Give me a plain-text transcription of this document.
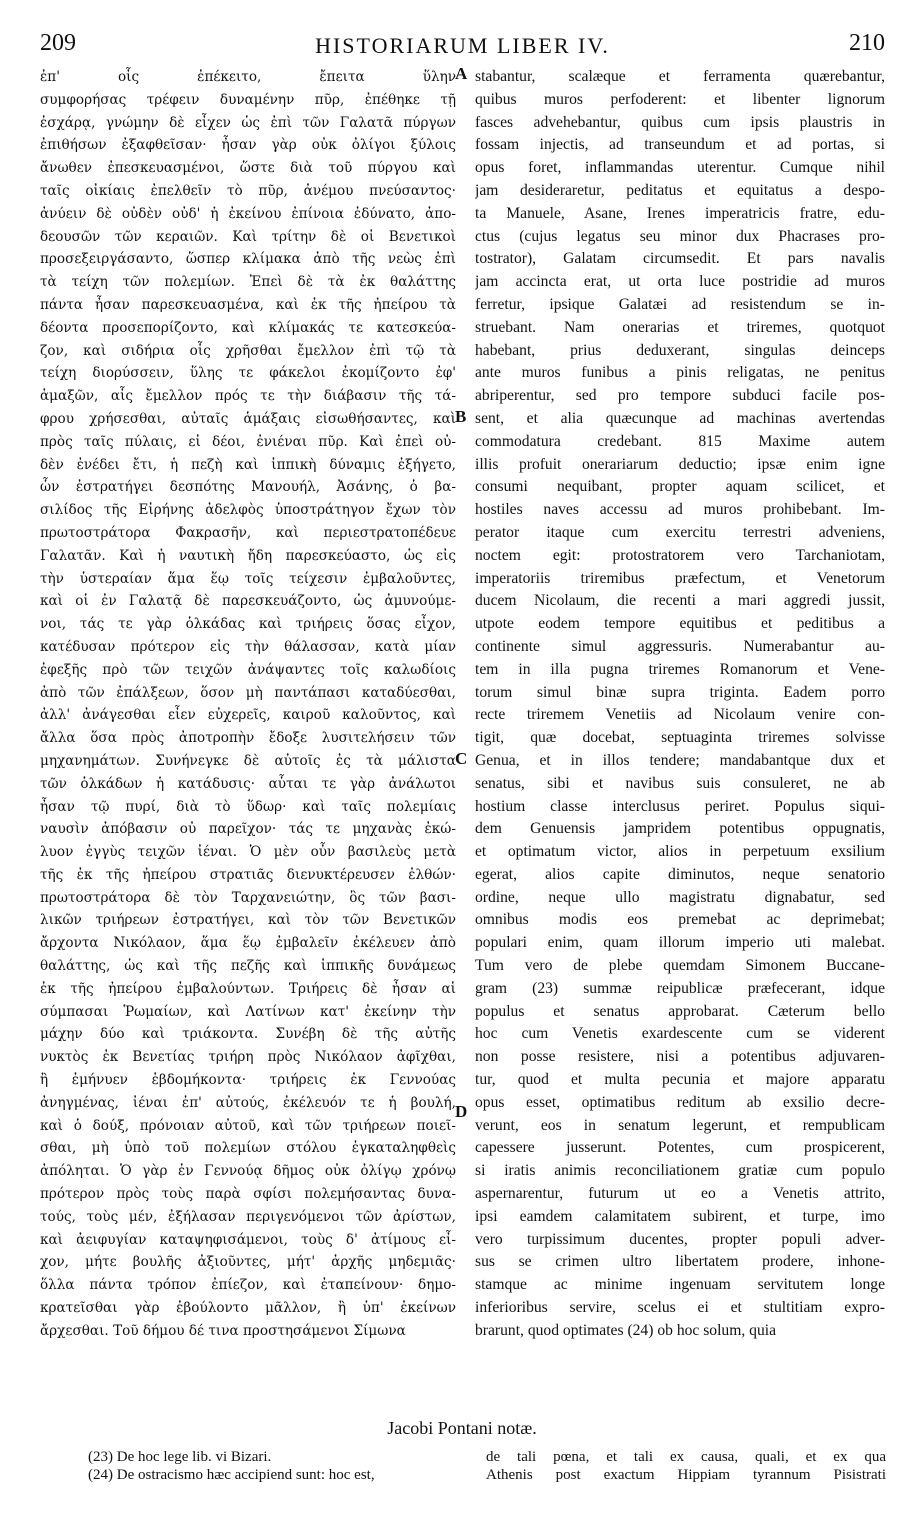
209	HISTORIARUM LIBER IV.	210
ἐπ' οἷς ἐπέκειτο, ἔπειτα ὕλην
συμφορήσας τρέφειν δυναμένην πῦρ, ἐπέθηκε τῇ
ἐσχάρᾳ, γνώμην δὲ εἶχεν ὡς ἐπὶ τῶν Γαλατᾶ πύργων
ἐπιθήσων ἐξαφθεῖσαν· ἦσαν γὰρ οὐκ ὀλίγοι ξύλοις
ἄνωθεν ἐπεσκευασμένοι, ὥστε διὰ τοῦ πύργου καὶ
ταῖς οἰκίαις ἐπελθεῖν τὸ πῦρ, ἀνέμου πνεύσαντος·
ἀνύειν δὲ οὐδὲν οὐδ' ἡ ἐκείνου ἐπίνοια ἐδύνατο, ἀπο-
δεουσῶν τῶν κεραιῶν. Καὶ τρίτην δὲ οἱ Βενετικοὶ
προσεξειργάσαντο, ὥσπερ κλίμακα ἀπὸ τῆς νεὼς ἐπὶ
τὰ τείχη τῶν πολεμίων. Ἐπεὶ δὲ τὰ ἐκ θαλάττης
πάντα ἦσαν παρεσκευασμένα, καὶ ἐκ τῆς ἠπείρου τὰ
δέοντα προσεπορίζοντο, καὶ κλίμακάς τε κατεσκεύα-
ζον, καὶ σιδήρια οἷς χρῆσθαι ἔμελλον ἐπὶ τῷ τὰ
τείχη διορύσσειν, ὕλης τε φάκελοι ἐκομίζοντο ἐφ'
ἁμαξῶν, αἷς ἔμελλον πρός τε τὴν διάβασιν τῆς τά-
φρου χρήσεσθαι, αὐταῖς ἁμάξαις εἰσωθήσαντες, καὶ
πρὸς ταῖς πύλαις, εἰ δέοι, ἐνιέναι πῦρ. Καὶ ἐπεὶ οὐ-
δὲν ἐνέδει ἔτι, ἡ πεζὴ καὶ ἱππικὴ δύναμις ἐξήγετο,
ὧν ἐστρατήγει δεσπότης Μανουήλ, Ἀσάνης, ὁ βα-
σιλίδος τῆς Εἰρήνης ἀδελφὸς ὑποστράτηγον ἔχων τὸν
πρωτοστράτορα Φακρασῆν, καὶ περιεστρατοπέδευε
Γαλατᾶν. Καὶ ἡ ναυτικὴ ἤδη παρεσκεύαστο, ὡς εἰς
τὴν ὑστεραίαν ἅμα ἕῳ τοῖς τείχεσιν ἐμβαλοῦντες,
καὶ οἱ ἐν Γαλατᾷ δὲ παρεσκευάζοντο, ὡς ἀμυνούμε-
νοι, τάς τε γὰρ ὁλκάδας καὶ τριήρεις ὅσας εἶχον,
κατέδυσαν πρότερον εἰς τὴν θάλασσαν, κατὰ μίαν
ἐφεξῆς πρὸ τῶν τειχῶν ἀνάψαντες τοῖς καλωδίοις
ἀπὸ τῶν ἐπάλξεων, ὅσον μὴ παντάπασι καταδύεσθαι,
ἀλλ' ἀνάγεσθαι εἶεν εὐχερεῖς, καιροῦ καλοῦντος, καὶ
ἄλλα ὅσα πρὸς ἀποτροπὴν ἔδοξε λυσιτελήσειν τῶν
μηχανημάτων. Συνήνεγκε δὲ αὐτοῖς ἐς τὰ μάλιστα
τῶν ὁλκάδων ἡ κατάδυσις· αὗται τε γὰρ ἀνάλωτοι
ἦσαν τῷ πυρί, διὰ τὸ ὕδωρ· καὶ ταῖς πολεμίαις
ναυσὶν ἀπόβασιν οὐ παρεῖχον· τάς τε μηχανὰς ἐκώ-
λυον ἐγγὺς τειχῶν ἰέναι. Ὁ μὲν οὖν βασιλεὺς μετὰ
τῆς ἐκ τῆς ἠπείρου στρατιᾶς διενυκτέρευσεν ἐλθών·
πρωτοστράτορα δὲ τὸν Ταρχανειώτην, ὃς τῶν βασι-
λικῶν τριήρεων ἐστρατήγει, καὶ τὸν τῶν Βενετικῶν
ἄρχοντα Νικόλαον, ἅμα ἕῳ ἐμβαλεῖν ἐκέλευεν ἀπὸ
θαλάττης, ὡς καὶ τῆς πεζῆς καὶ ἱππικῆς δυνάμεως
ἐκ τῆς ἠπείρου ἐμβαλούντων. Τριήρεις δὲ ἦσαν αἱ
σύμπασαι Ῥωμαίων, καὶ Λατίνων κατ' ἐκείνην τὴν
μάχην δύο καὶ τριάκοντα. Συνέβη δὲ τῆς αὐτῆς
νυκτὸς ἐκ Βενετίας τριήρη πρὸς Νικόλαον ἀφῖχθαι,
ἢ ἐμήνυεν ἑβδομήκοντα· τριήρεις ἐκ Γεννούας
ἀνηγμένας, ἰέναι ἐπ' αὐτούς, ἐκέλευόν τε ἡ βουλή,
καὶ ὁ δούξ, πρόνοιαν αὐτοῦ, καὶ τῶν τριήρεων ποιεῖ-
σθαι, μὴ ὑπὸ τοῦ πολεμίων στόλου ἐγκαταληφθεὶς
ἀπόληται. Ὁ γὰρ ἐν Γεννούᾳ δῆμος οὐκ ὀλίγῳ χρόνῳ
πρότερον πρὸς τοὺς παρὰ σφίσι πολεμήσαντας δυνα-
τούς, τοὺς μέν, ἐξήλασαν περιγενόμενοι τῶν ἀρίστων,
καὶ ἀειφυγίαν καταψηφισάμενοι, τοὺς δ' ἀτίμους εἶ-
χον, μήτε βουλῆς ἀξιοῦντες, μήτ' ἀρχῆς μηδεμιᾶς·
ὅλλα πάντα τρόπον ἐπίεζον, καὶ ἐταπείνουν· δημο-
κρατεῖσθαι γὰρ ἐβούλοντο μᾶλλον, ἢ ὑπ' ἐκείνων
ἄρχεσθαι. Τοῦ δήμου δέ τινα προστησάμενοι Σίμωνα
stabantur, scalæque et ferramenta quærebantur,
quibus muros perfoderent: et libenter lignorum
fasces advehebantur, quibus cum ipsis plaustris in
fossam injectis, ad transeundum et ad portas, si
opus foret, inflammandas uterentur. Cumque nihil
jam desideraretur, peditatus et equitatus a despo-
ta Manuele, Asane, Irenes imperatricis fratre, edu-
ctus (cujus legatus seu minor dux Phacrases pro-
tostrator), Galatam circumsedit. Et pars navalis
jam accincta erat, ut orta luce postridie ad muros
ferretur, ipsique Galatæi ad resistendum se in-
struebant. Nam onerarias et triremes, quotquot
habebant, prius deduxerant, singulas deinceps
ante muros funibus a pinis religatas, ne penitus
abriperentur, sed pro tempore subduci facile pos-
sent, et alia quæcunque ad machinas avertendas
commodatura credebant. 815 Maxime autem
illis profuit onerariarum deductio; ipsæ enim igne
consumi nequibant, propter aquam scilicet, et
hostiles naves accessu ad muros prohibebant. Im-
perator itaque cum exercitu terrestri adveniens,
noctem egit: protostratorem vero Tarchaniotam,
imperatoriis triremibus præfectum, et Venetorum
ducem Nicolaum, die recenti a mari aggredi jussit,
utpote eodem tempore equitibus et peditibus a
continente simul aggressuris. Numerabantur au-
tem in illa pugna triremes Romanorum et Vene-
torum simul binæ supra triginta. Eadem porro
recte triremem Venetiis ad Nicolaum venire con-
tigit, quæ docebat, septuaginta triremes solvisse
Genua, et in illos tendere; mandabantque dux et
senatus, sibi et navibus suis consuleret, ne ab
hostium classe interclusus periret. Populus siqui-
dem Genuensis jampridem potentibus oppugnatis,
et optimatum victor, alios in perpetuum exsilium
egerat, alios capite diminutos, neque senatorio
ordine, neque ullo magistratu dignabatur, sed
omnibus modis eos premebat ac deprimebat;
populari enim, quam illorum imperio uti malebat.
Tum vero de plebe quemdam Simonem Buccane-
gram (23) summæ reipublicæ præfecerant, idque
populus et senatus approbarat. Cæterum bello
hoc cum Venetis exardescente cum se viderent
non posse resistere, nisi a potentibus adjuvaren-
tur, quod et multa pecunia et majore apparatu
opus esset, optimatibus reditum ab exsilio decre-
verunt, eos in senatum legerunt, et rempublicam
capessere jusserunt. Potentes, cum prospicerent,
si iratis animis reconciliationem gratiæ cum populo
aspernarentur, futurum ut eo a Venetis attrito,
ipsi eamdem calamitatem subirent, et turpe, imo
vero turpissimum ducentes, propter populi adver-
sus se crimen ultro libertatem prodere, inhone-
stamque ac minime ingenuam servitutem longe
inferioribus servire, scelus ei et stultitiam expro-
brarunt, quod optimates (24) ob hoc solum, quia
A
B
C
D
Jacobi Pontani notæ.
(23) De hoc lege lib. vi Bizari.
(24) De ostracismo hæc accipiend sunt: hoc est,
de tali pœna, et tali ex causa, quali, et ex qua
Athenis post exactum Hippiam tyrannum Pisistrati
